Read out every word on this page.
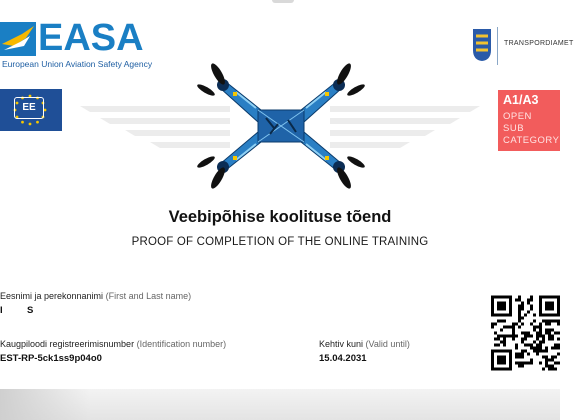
EASA
European Union Aviation Safety Agency
TRANSPORDIAMET
EE
A1/A3
OPEN
SUB
CATEGORY
Veebipõhise koolituse tõend
PROOF OF COMPLETION OF THE ONLINE TRAINING
Eesnimi ja perekonnanimi (First and Last name)
I	S
Kaugpiloodi registreerimisnumber (Identification number)
EST-RP-5ck1ss9p04o0
Kehtiv kuni (Valid until)
15.04.2031
